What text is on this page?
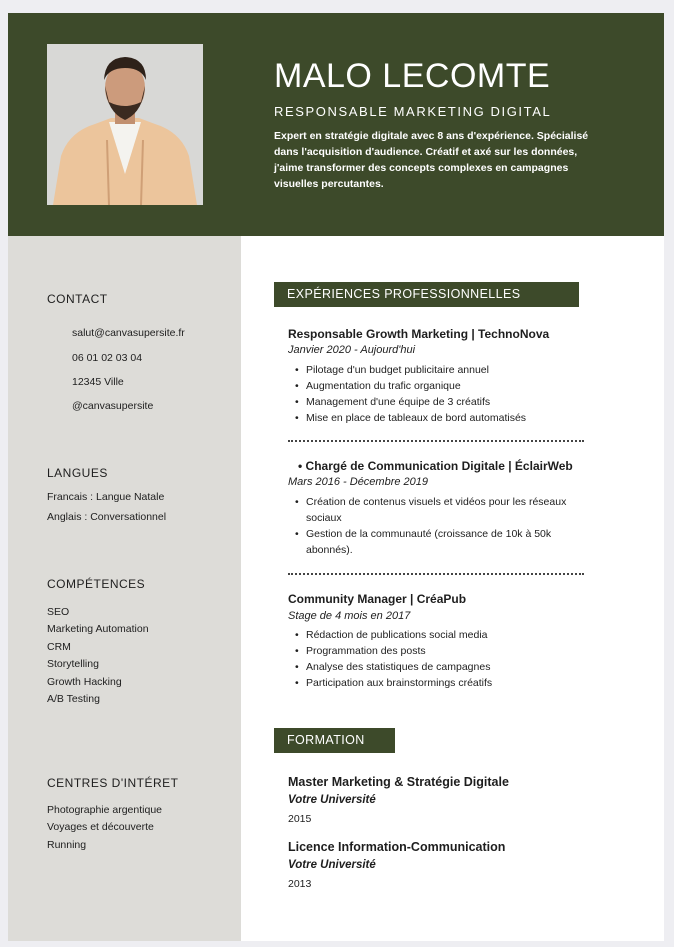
MALO LECOMTE
RESPONSABLE MARKETING DIGITAL
Expert en stratégie digitale avec 8 ans d'expérience. Spécialisé dans l'acquisition d'audience. Créatif et axé sur les données, j'aime transformer des concepts complexes en campagnes visuelles percutantes.
CONTACT
salut@canvasupersite.fr
06 01 02 03 04
12345 Ville
@canvasupersite
LANGUES
Francais : Langue Natale
Anglais : Conversationnel
COMPÉTENCES
SEO
Marketing Automation
CRM
Storytelling
Growth Hacking
A/B Testing
CENTRES D'INTÉRET
Photographie argentique
Voyages et découverte
Running
EXPÉRIENCES PROFESSIONNELLES
Responsable Growth Marketing | TechnoNova
Janvier 2020 - Aujourd'hui
• Pilotage d'un budget publicitaire annuel
• Augmentation du trafic organique
• Management d'une équipe de 3 créatifs
• Mise en place de tableaux de bord automatisés
• Chargé de Communication Digitale | ÉclairWeb
Mars 2016 - Décembre 2019
• Création de contenus visuels et vidéos pour les réseaux sociaux
• Gestion de la communauté (croissance de 10k à 50k abonnés).
Community Manager | CréaPub
Stage de 4 mois en 2017
• Rédaction de publications social media
• Programmation des posts
• Analyse des statistiques de campagnes
• Participation aux brainstormings créatifs
FORMATION
Master Marketing & Stratégie Digitale
Votre Université
2015
Licence Information-Communication
Votre Université
2013
